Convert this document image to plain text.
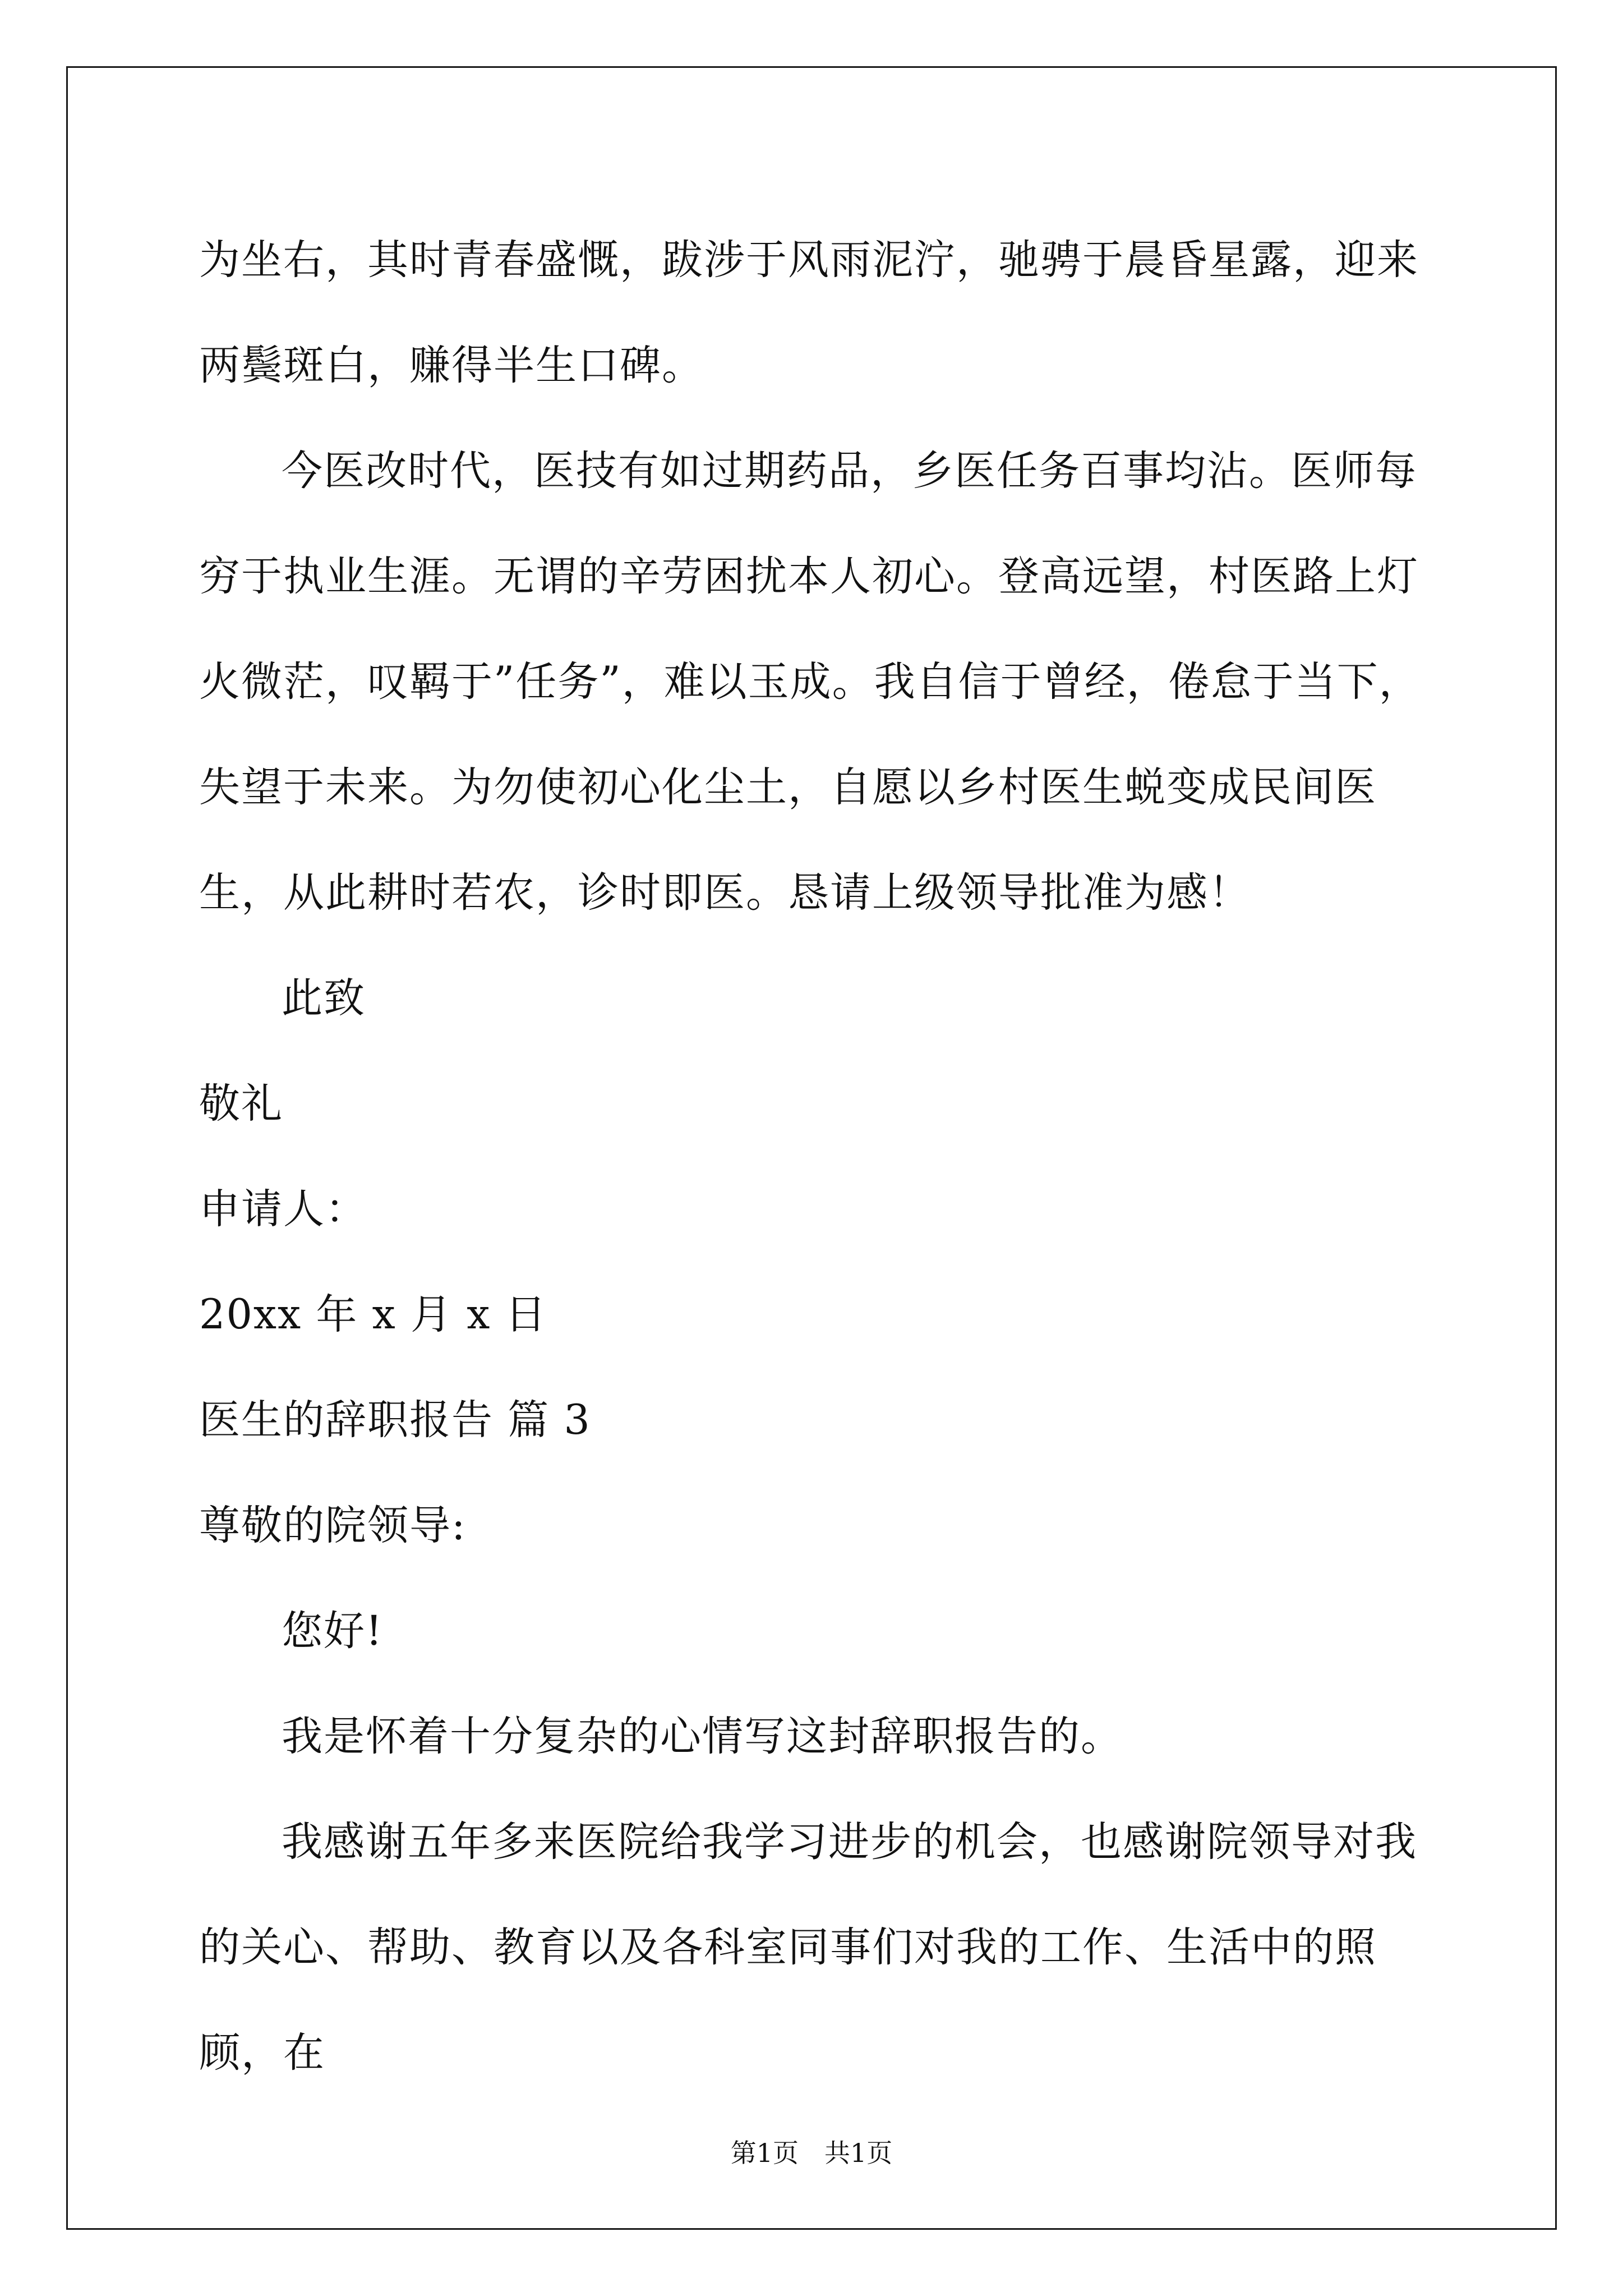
为坐右，其时青春盛慨，跋涉于风雨泥泞，驰骋于晨昏星露，迎来两鬓斑白，赚得半生口碑。

今医改时代，医技有如过期药品，乡医任务百事均沾。医师每穷于执业生涯。无谓的辛劳困扰本人初心。登高远望，村医路上灯火微茫，叹羁于”任务”，难以玉成。我自信于曾经，倦怠于当下，失望于未来。为勿使初心化尘土，自愿以乡村医生蜕变成民间医生，从此耕时若农，诊时即医。恳请上级领导批准为感！

此致

敬礼

申请人：

20xx 年 x 月 x 日

医生的辞职报告 篇 3

尊敬的院领导:

您好!

我是怀着十分复杂的心情写这封辞职报告的。

我感谢五年多来医院给我学习进步的机会，也感谢院领导对我的关心、帮助、教育以及各科室同事们对我的工作、生活中的照顾，在

第1页　共1页
